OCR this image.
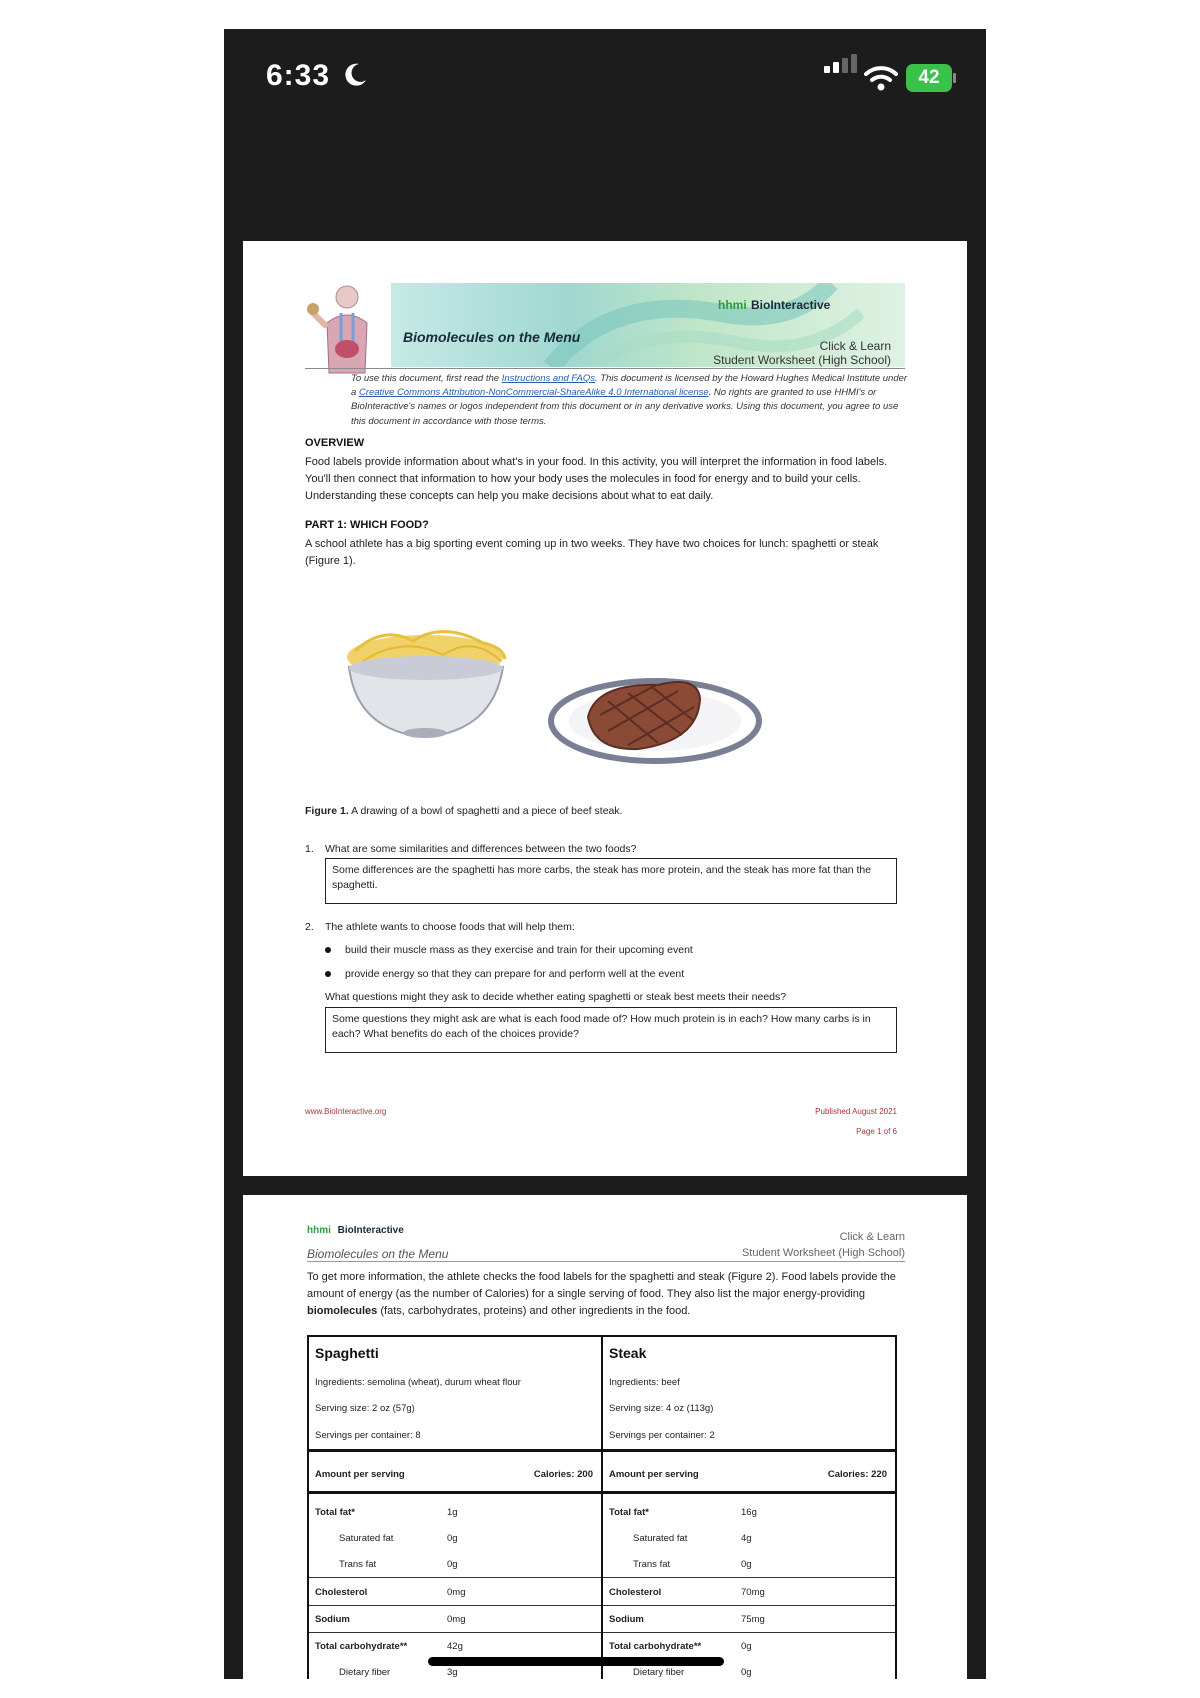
6:33	42
Biomolecules on the Menu
hhmi BioInteractive
Click & Learn
Student Worksheet (High School)
To use this document, first read the Instructions and FAQs. This document is licensed by the Howard Hughes Medical Institute under a Creative Commons Attribution-NonCommercial-ShareAlike 4.0 International license. No rights are granted to use HHMI's or BioInteractive's names or logos independent from this document or in any derivative works. Using this document, you agree to use this document in accordance with those terms.
OVERVIEW
Food labels provide information about what's in your food. In this activity, you will interpret the information in food labels. You'll then connect that information to how your body uses the molecules in food for energy and to build your cells. Understanding these concepts can help you make decisions about what to eat daily.
PART 1: WHICH FOOD?
A school athlete has a big sporting event coming up in two weeks. They have two choices for lunch: spaghetti or steak (Figure 1).
Figure 1. A drawing of a bowl of spaghetti and a piece of beef steak.
1. What are some similarities and differences between the two foods?
Some differences are the spaghetti has more carbs, the steak has more protein, and the steak has more fat than the spaghetti.
2. The athlete wants to choose foods that will help them:
build their muscle mass as they exercise and train for their upcoming event
provide energy so that they can prepare for and perform well at the event
What questions might they ask to decide whether eating spaghetti or steak best meets their needs?
Some questions they might ask are what is each food made of? How much protein is in each? How many carbs is in each? What benefits do each of the choices provide?
www.BioInteractive.org	Published August 2021
Page 1 of 6
hhmi BioInteractive
Biomolecules on the Menu
Click & Learn
Student Worksheet (High School)
To get more information, the athlete checks the food labels for the spaghetti and steak (Figure 2). Food labels provide the amount of energy (as the number of Calories) for a single serving of food. They also list the major energy-providing biomolecules (fats, carbohydrates, proteins) and other ingredients in the food.
Spaghetti
Ingredients: semolina (wheat), durum wheat flour
Serving size: 2 oz (57g)
Servings per container: 8
Amount per serving	Calories: 200
Total fat*	1g
Saturated fat	0g
Trans fat	0g
Cholesterol	0mg
Sodium	0mg
Total carbohydrate**	42g
Dietary fiber	3g
Steak
Ingredients: beef
Serving size: 4 oz (113g)
Servings per container: 2
Amount per serving	Calories: 220
Total fat*	16g
Saturated fat	4g
Trans fat	0g
Cholesterol	70mg
Sodium	75mg
Total carbohydrate**	0g
Dietary fiber	0g
